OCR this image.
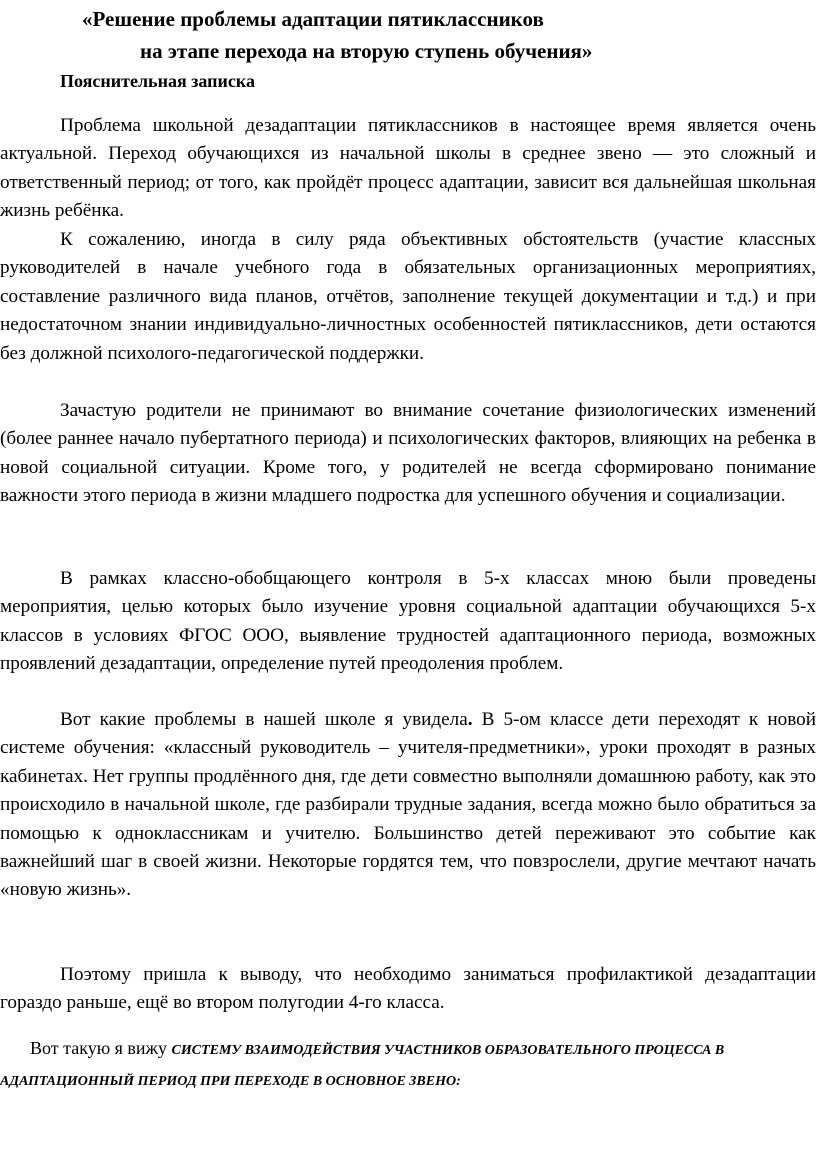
«Решение проблемы адаптации пятиклассников
на этапе перехода на вторую ступень обучения»
Пояснительная записка

Проблема школьной дезадаптации пятиклассников в настоящее время является очень актуальной. Переход обучающихся из начальной школы в среднее звено — это сложный и ответственный период; от того, как пройдёт процесс адаптации, зависит вся дальнейшая школьная жизнь ребёнка.

К сожалению, иногда в силу ряда объективных обстоятельств (участие классных руководителей в начале учебного года в обязательных организационных мероприятиях, составление различного вида планов, отчётов, заполнение текущей документации и т.д.) и при недостаточном знании индивидуально-личностных особенностей пятиклассников, дети остаются без должной психолого-педагогической поддержки.

Зачастую родители не принимают во внимание сочетание физиологических изменений (более раннее начало пубертатного периода) и психологических факторов, влияющих на ребенка в новой социальной ситуации. Кроме того, у родителей не всегда сформировано понимание важности этого периода в жизни младшего подростка для успешного обучения и социализации.

В рамках классно-обобщающего контроля в 5-х классах мною были проведены мероприятия, целью которых было изучение уровня социальной адаптации обучающихся 5-х классов в условиях ФГОС ООО, выявление трудностей адаптационного периода, возможных проявлений дезадаптации, определение путей преодоления проблем.

Вот какие проблемы в нашей школе я увидела. В 5-ом классе дети переходят к новой системе обучения: «классный руководитель – учителя-предметники», уроки проходят в разных кабинетах. Нет группы продлённого дня, где дети совместно выполняли домашнюю работу, как это происходило в начальной школе, где разбирали трудные задания, всегда можно было обратиться за помощью к одноклассникам и учителю. Большинство детей переживают это событие как важнейший шаг в своей жизни. Некоторые гордятся тем, что повзрослели, другие мечтают начать «новую жизнь».

Поэтому пришла к выводу, что необходимо заниматься профилактикой дезадаптации гораздо раньше, ещё во втором полугодии 4-го класса.

Вот такую я вижу СИСТЕМУ ВЗАИМОДЕЙСТВИЯ УЧАСТНИКОВ ОБРАЗОВАТЕЛЬНОГО ПРОЦЕССА В АДАПТАЦИОННЫЙ ПЕРИОД ПРИ ПЕРЕХОДЕ В ОСНОВНОЕ ЗВЕНО:
